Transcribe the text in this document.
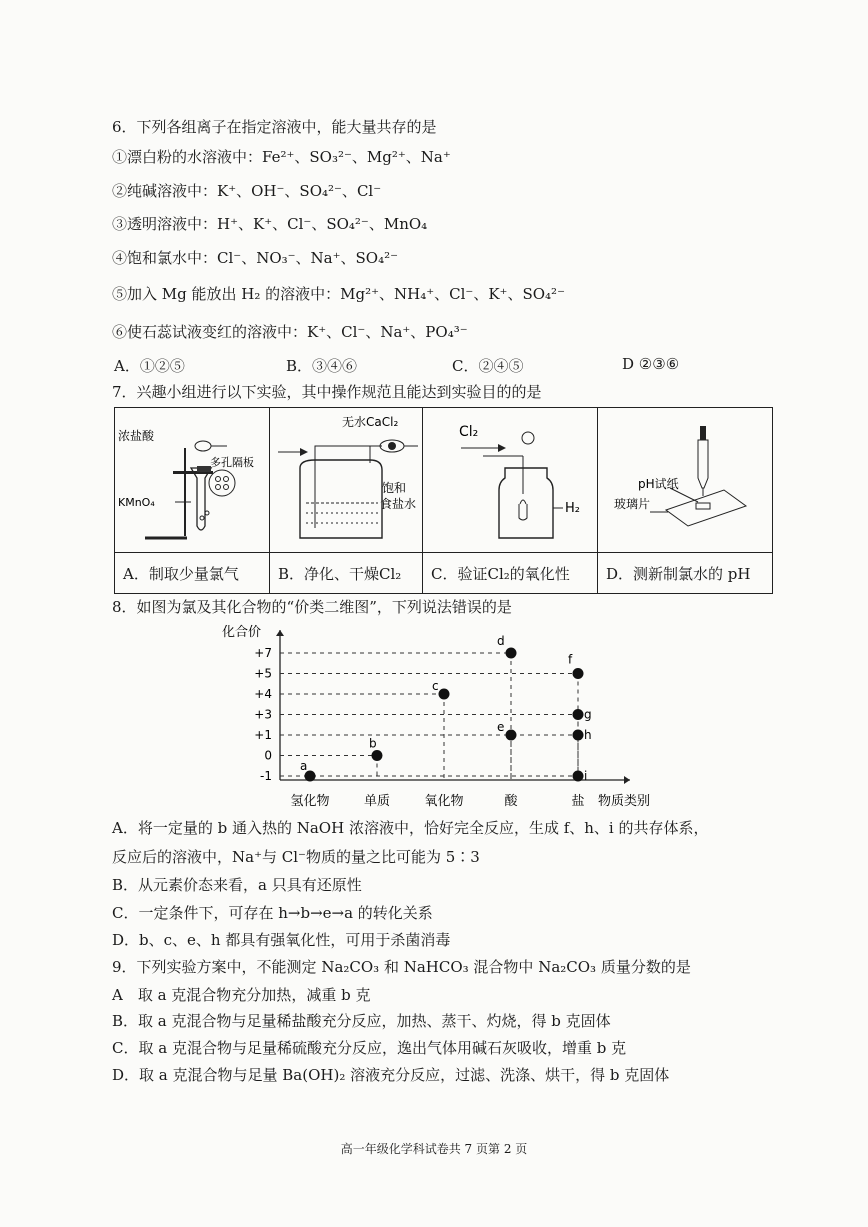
6．下列各组离子在指定溶液中，能大量共存的是
①漂白粉的水溶液中：Fe²⁺、SO₃²⁻、Mg²⁺、Na⁺
②纯碱溶液中：K⁺、OH⁻、SO₄²⁻、Cl⁻
③透明溶液中：H⁺、K⁺、Cl⁻、SO₄²⁻、MnO₄
④饱和氯水中：Cl⁻、NO₃⁻、Na⁺、SO₄²⁻
⑤加入 Mg 能放出 H₂ 的溶液中：Mg²⁺、NH₄⁺、Cl⁻、K⁺、SO₄²⁻
⑥使石蕊试液变红的溶液中：K⁺、Cl⁻、Na⁺、PO₄³⁻
A．①②⑤	B．③④⑥	C．②④⑤	D ②③⑥
7．兴趣小组进行以下实验，其中操作规范且能达到实验目的的是
浓盐酸
多孔隔板
KMnO₄	无水CaCl₂
饱和
食盐水	Cl₂
H₂	pH试纸
玻璃片

A．制取少量氯气	B．净化、干燥Cl₂	C．验证Cl₂的氧化性	D．测新制氯水的 pH
8．如图为氯及其化合物的“价类二维图”，下列说法错误的是
化合价
物质类别
+7
+5
+4
+3
+1
0
-1
氢化物	单质	氧化物	酸	盐
a
b
c
d
e
f
g
h
i
A．将一定量的 b 通入热的 NaOH 浓溶液中，恰好完全反应，生成 f、h、i 的共存体系，
反应后的溶液中，Na⁺与 Cl⁻物质的量之比可能为 5∶3
B．从元素价态来看，a 只具有还原性
C．一定条件下，可存在 h→b→e→a 的转化关系
D．b、c、e、h 都具有强氧化性，可用于杀菌消毒
9．下列实验方案中，不能测定 Na₂CO₃ 和 NaHCO₃ 混合物中 Na₂CO₃ 质量分数的是
A　取 a 克混合物充分加热，减重 b 克
B．取 a 克混合物与足量稀盐酸充分反应，加热、蒸干、灼烧，得 b 克固体
C．取 a 克混合物与足量稀硫酸充分反应，逸出气体用碱石灰吸收，增重 b 克
D．取 a 克混合物与足量 Ba(OH)₂ 溶液充分反应，过滤、洗涤、烘干，得 b 克固体
高一年级化学科试卷共 7 页第 2 页
